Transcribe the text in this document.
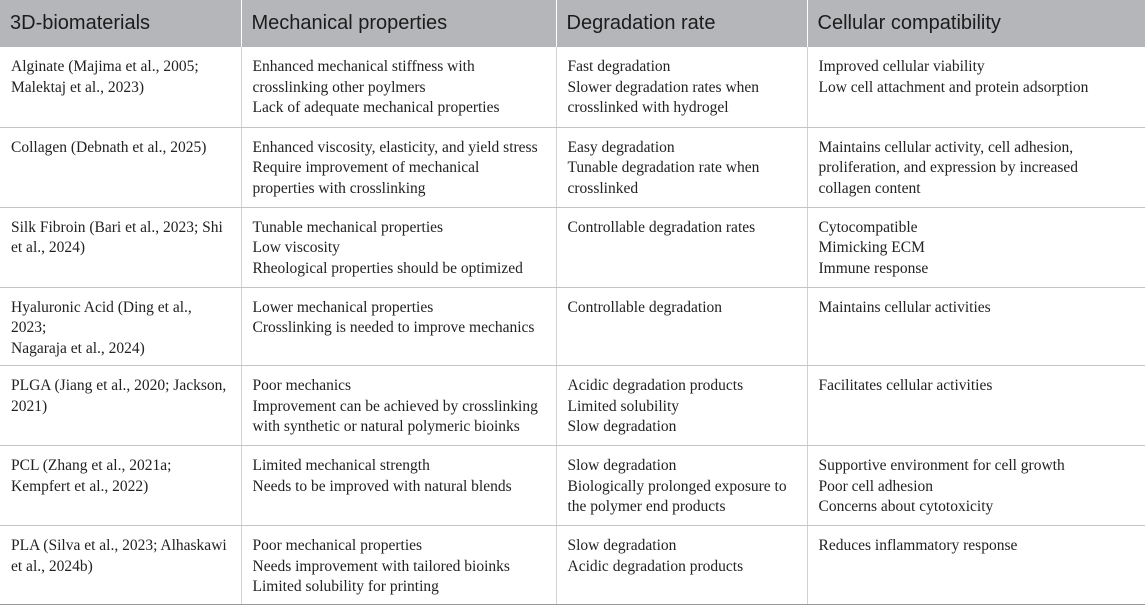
3D-biomaterials	Mechanical properties	Degradation rate	Cellular compatibility

Alginate (Majima et al., 2005;
Malektaj et al., 2023)	Enhanced mechanical stiffness with
crosslinking other poylmers
Lack of adequate mechanical properties	Fast degradation
Slower degradation rates when
crosslinked with hydrogel	Improved cellular viability
Low cell attachment and protein adsorption

Collagen (Debnath et al., 2025)	Enhanced viscosity, elasticity, and yield stress
Require improvement of mechanical
properties with crosslinking	Easy degradation
Tunable degradation rate when
crosslinked	Maintains cellular activity, cell adhesion,
proliferation, and expression by increased
collagen content

Silk Fibroin (Bari et al., 2023; Shi
et al., 2024)	Tunable mechanical properties
Low viscosity
Rheological properties should be optimized	Controllable degradation rates	Cytocompatible
Mimicking ECM
Immune response

Hyaluronic Acid (Ding et al., 2023;
Nagaraja et al., 2024)	Lower mechanical properties
Crosslinking is needed to improve mechanics	Controllable degradation	Maintains cellular activities

PLGA (Jiang et al., 2020; Jackson,
2021)	Poor mechanics
Improvement can be achieved by crosslinking
with synthetic or natural polymeric bioinks	Acidic degradation products
Limited solubility
Slow degradation	Facilitates cellular activities

PCL (Zhang et al., 2021a;
Kempfert et al., 2022)	Limited mechanical strength
Needs to be improved with natural blends	Slow degradation
Biologically prolonged exposure to
the polymer end products	Supportive environment for cell growth
Poor cell adhesion
Concerns about cytotoxicity

PLA (Silva et al., 2023; Alhaskawi
et al., 2024b)	Poor mechanical properties
Needs improvement with tailored bioinks
Limited solubility for printing	Slow degradation
Acidic degradation products	Reduces inflammatory response
